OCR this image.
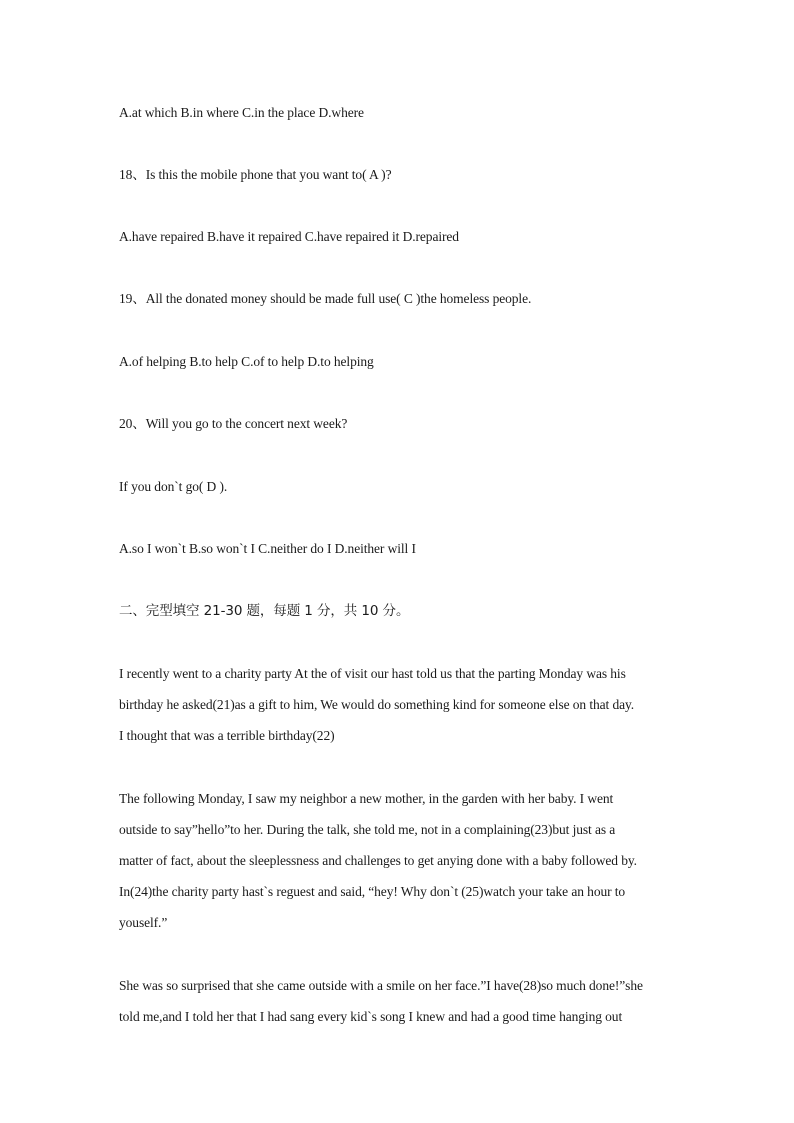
A.at which B.in where C.in the place D.where
18、Is this the mobile phone that you want to( A )?
A.have repaired B.have it repaired C.have repaired it D.repaired
19、All the donated money should be made full use( C )the homeless people.
A.of helping B.to help C.of to help D.to helping
20、Will you go to the concert next week?
If you don`t go( D ).
A.so I won`t B.so won`t I C.neither do I D.neither will I
二、完型填空 21-30 题，每题 1 分，共 10 分。
I recently went to a charity party At the of visit our hast told us that the parting Monday was his
birthday he asked(21)as a gift to him, We would do something kind for someone else on that day.
I thought that was a terrible birthday(22)
The following Monday, I saw my neighbor a new mother, in the garden with her baby. I went
outside to say”hello”to her. During the talk, she told me, not in a complaining(23)but just as a
matter of fact, about the sleeplessness and challenges to get anying done with a baby followed by.
In(24)the charity party hast`s reguest and said, “hey! Why don`t (25)watch your take an hour to
youself.”
She was so surprised that she came outside with a smile on her face.”I have(28)so much done!”she
told me,and I told her that I had sang every kid`s song I knew and had a good time hanging out
